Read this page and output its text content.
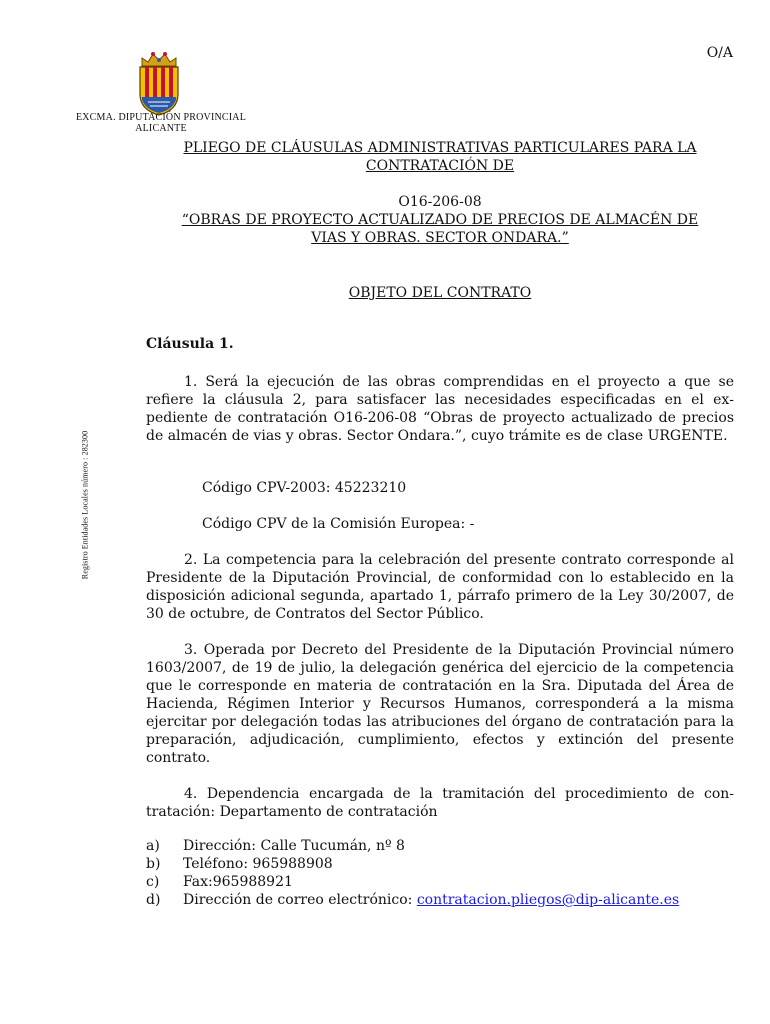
O/A
EXCMA. DIPUTACIÓN PROVINCIAL
ALICANTE
Registro Entidades Locales número : 282300
PLIEGO DE CLÁUSULAS ADMINISTRATIVAS PARTICULARES PARA LA
CONTRATACIÓN DE
O16-206-08
“OBRAS DE PROYECTO ACTUALIZADO DE PRECIOS DE ALMACÉN DE
VIAS Y OBRAS. SECTOR ONDARA.”
OBJETO DEL CONTRATO
Cláusula 1.

1. Será la ejecución de las obras comprendidas en el proyecto a que se refiere la cláusula 2, para satisfacer las necesidades especificadas en el expediente de contratación O16-206-08 “Obras de proyecto actualizado de precios de almacén de vias y obras. Sector Ondara.”, cuyo trámite es de clase URGENTE.

Código CPV-2003: 45223210
Código CPV de la Comisión Europea: -

2. La competencia para la celebración del presente contrato corresponde al Presidente de la Diputación Provincial, de conformidad con lo establecido en la disposición adicional segunda, apartado 1, párrafo primero de la Ley 30/2007, de 30 de octubre, de Contratos del Sector Público.

3. Operada por Decreto del Presidente de la Diputación Provincial número 1603/2007, de 19 de julio, la delegación genérica del ejercicio de la competencia que le corresponde en materia de contratación en la Sra. Diputada del Área de Hacienda, Régimen Interior y Recursos Humanos, corresponderá a la misma ejercitar por delegación todas las atribuciones del órgano de contratación para la preparación, adjudicación, cumplimiento, efectos y extinción del presente contrato.

4. Dependencia encargada de la tramitación del procedimiento de contratación: Departamento de contratación

a) Dirección: Calle Tucumán, nº 8
b) Teléfono: 965988908
c) Fax:965988921
d) Dirección de correo electrónico: contratacion.pliegos@dip-alicante.es
